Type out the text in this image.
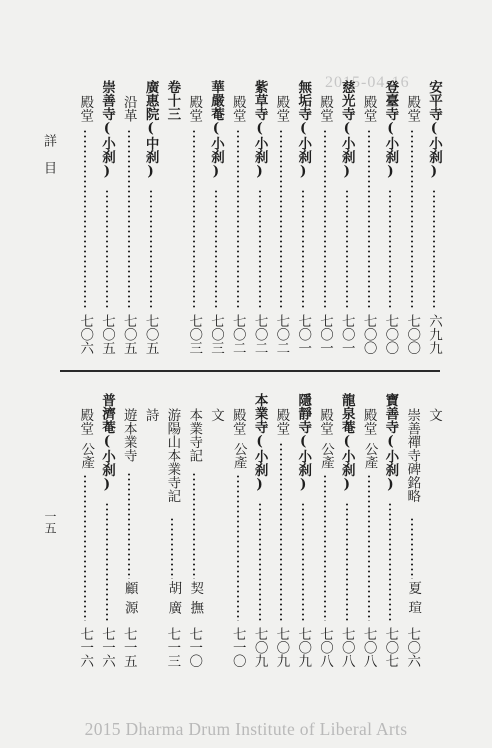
2015-04-16 安平寺(小刹)
六九九
殿堂
七〇〇
登臺寺(小刹)
七〇〇
殿堂
七〇〇
慈光寺(小刹)
七〇一
殿堂
七〇一
無垢寺(小刹)
七〇一
殿堂
七〇二
紫草寺(小刹)
七〇二
殿堂
七〇二
華嚴菴(小刹)
七〇三
殿堂
七〇三
卷十三
廣惠院(中刹)
七〇五
沿革
七〇五
崇善寺(小刹)
七〇五
殿堂
七〇六
文
崇善禪寺碑銘略
夏瑄
七〇六
寶善寺(小刹)
七〇七
殿堂
公產
七〇八
龍泉菴(小刹)
七〇八
殿堂
公產
七〇八
隱靜寺(小刹)
七〇九
殿堂
七〇九
本業寺(小刹)
七〇九
殿堂
公產
七一〇
文
本業寺記
契撫
七一〇
游陽山本業寺記
胡廣
七一三
詩
遊本業寺
顧源
七一五
普濟菴(小刹)
七一六
殿堂
公產
七一六
詳目
一五
2015 Dharma Drum Institute of Liberal Arts
